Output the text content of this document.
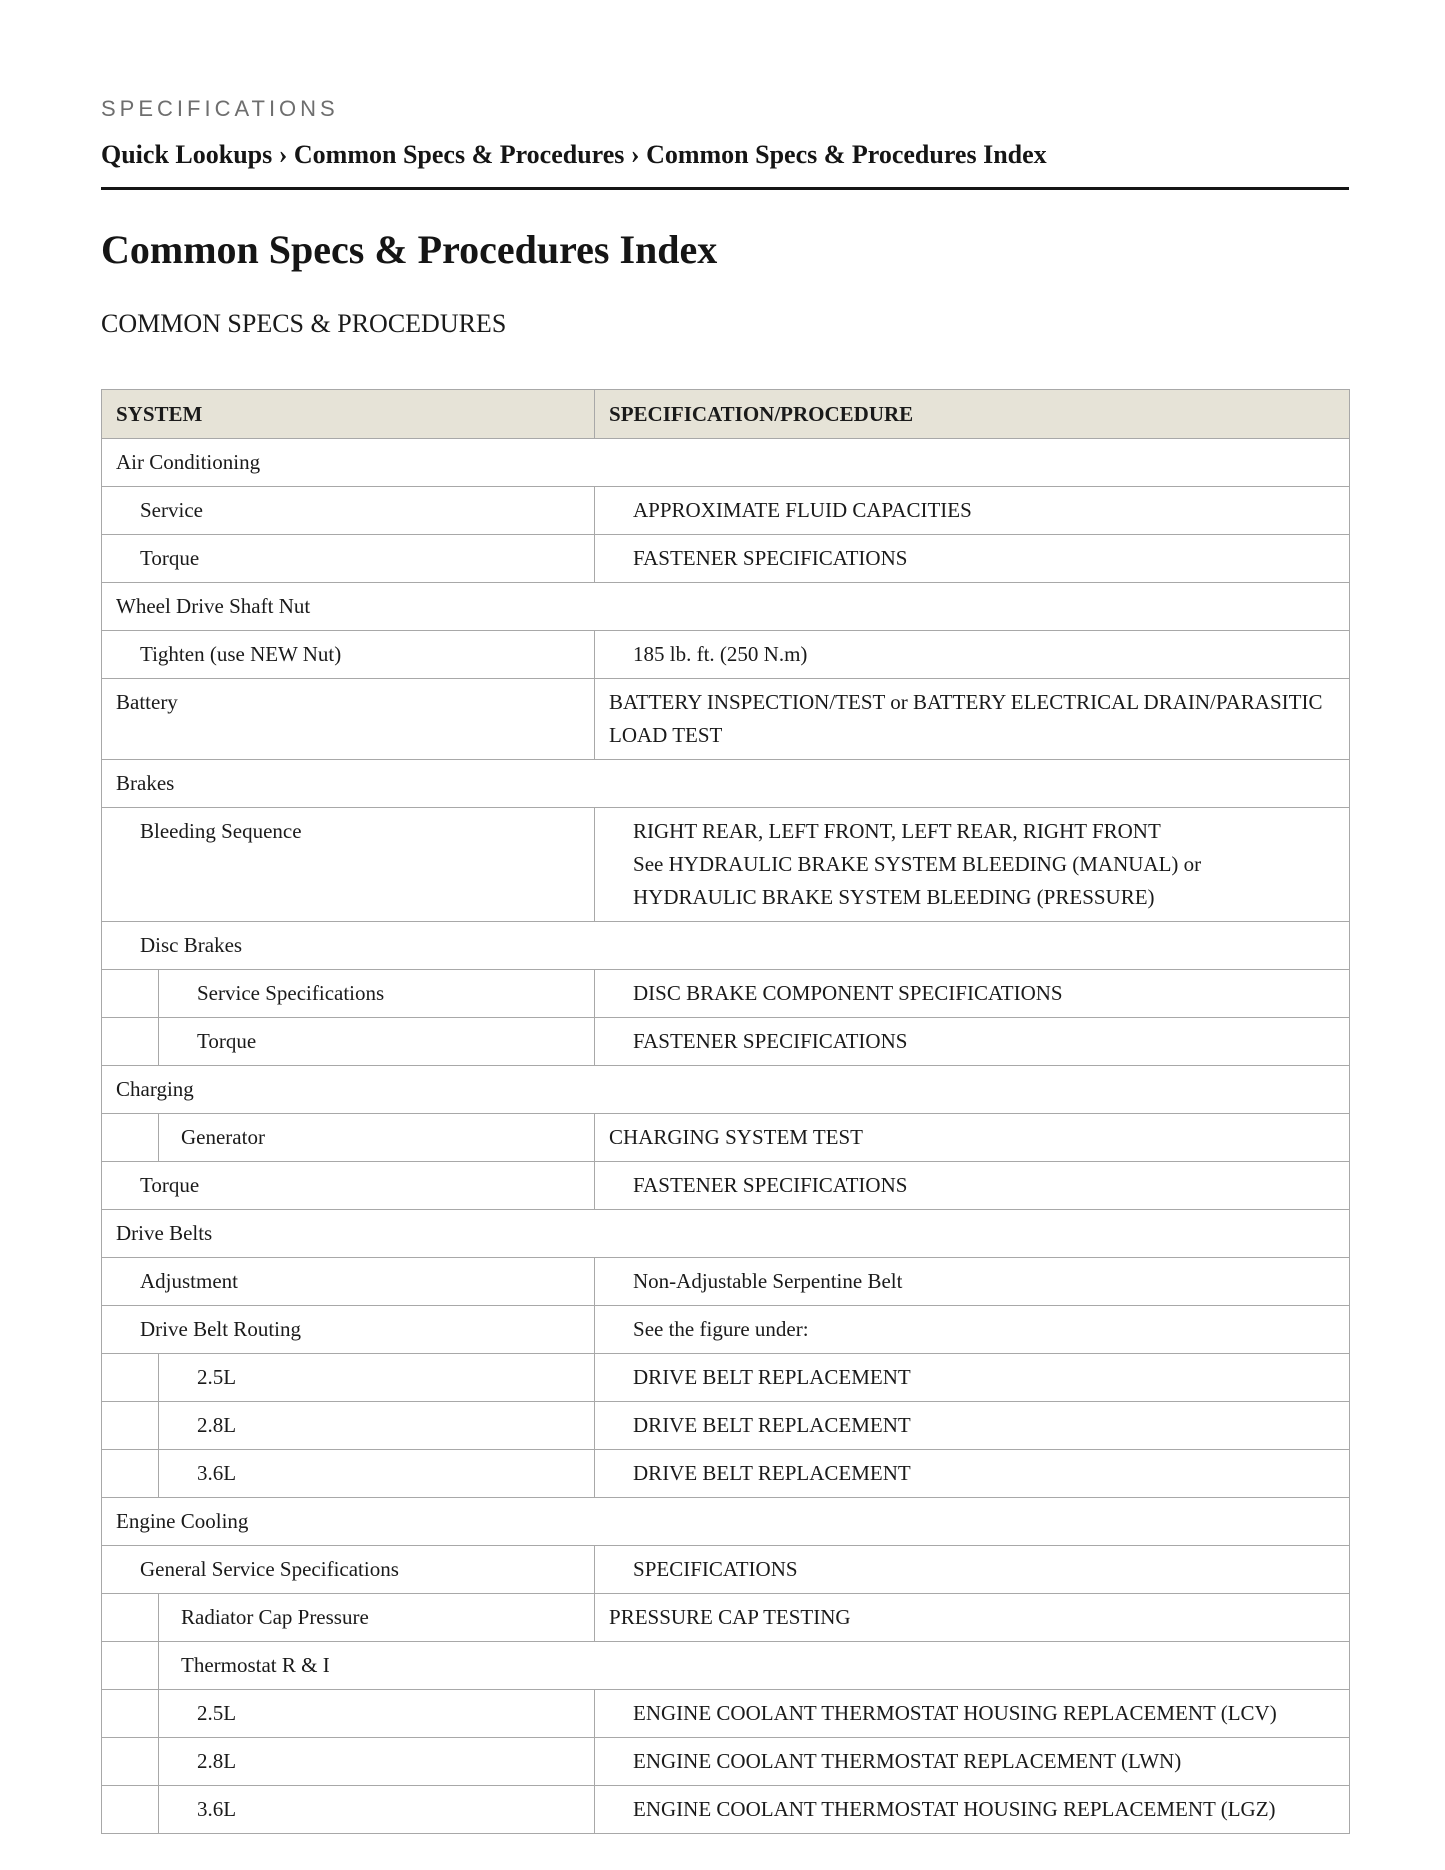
SPECIFICATIONS
Quick Lookups › Common Specs & Procedures › Common Specs & Procedures Index
Common Specs & Procedures Index
COMMON SPECS & PROCEDURES
SYSTEM		SPECIFICATION/PROCEDURE
Air Conditioning		
Service		APPROXIMATE FLUID CAPACITIES
Torque		FASTENER SPECIFICATIONS
Wheel Drive Shaft Nut		
Tighten (use NEW Nut)		185 lb. ft. (250 N.m)
Battery		BATTERY INSPECTION/TEST or BATTERY ELECTRICAL DRAIN/PARASITIC LOAD TEST
Brakes		
Bleeding Sequence		RIGHT REAR, LEFT FRONT, LEFT REAR, RIGHT FRONT
See HYDRAULIC BRAKE SYSTEM BLEEDING (MANUAL) or
HYDRAULIC BRAKE SYSTEM BLEEDING (PRESSURE)

Disc Brakes		
	Service Specifications	DISC BRAKE COMPONENT SPECIFICATIONS
	Torque	FASTENER SPECIFICATIONS
Charging		
	Generator	CHARGING SYSTEM TEST
Torque		FASTENER SPECIFICATIONS
Drive Belts		
Adjustment		Non-Adjustable Serpentine Belt
Drive Belt Routing		See the figure under:
	2.5L	DRIVE BELT REPLACEMENT
	2.8L	DRIVE BELT REPLACEMENT
	3.6L	DRIVE BELT REPLACEMENT
Engine Cooling		
General Service Specifications		SPECIFICATIONS
	Radiator Cap Pressure	PRESSURE CAP TESTING
	Thermostat R & I	
	2.5L	ENGINE COOLANT THERMOSTAT HOUSING REPLACEMENT (LCV)
	2.8L	ENGINE COOLANT THERMOSTAT REPLACEMENT (LWN)
	3.6L	ENGINE COOLANT THERMOSTAT HOUSING REPLACEMENT (LGZ)
